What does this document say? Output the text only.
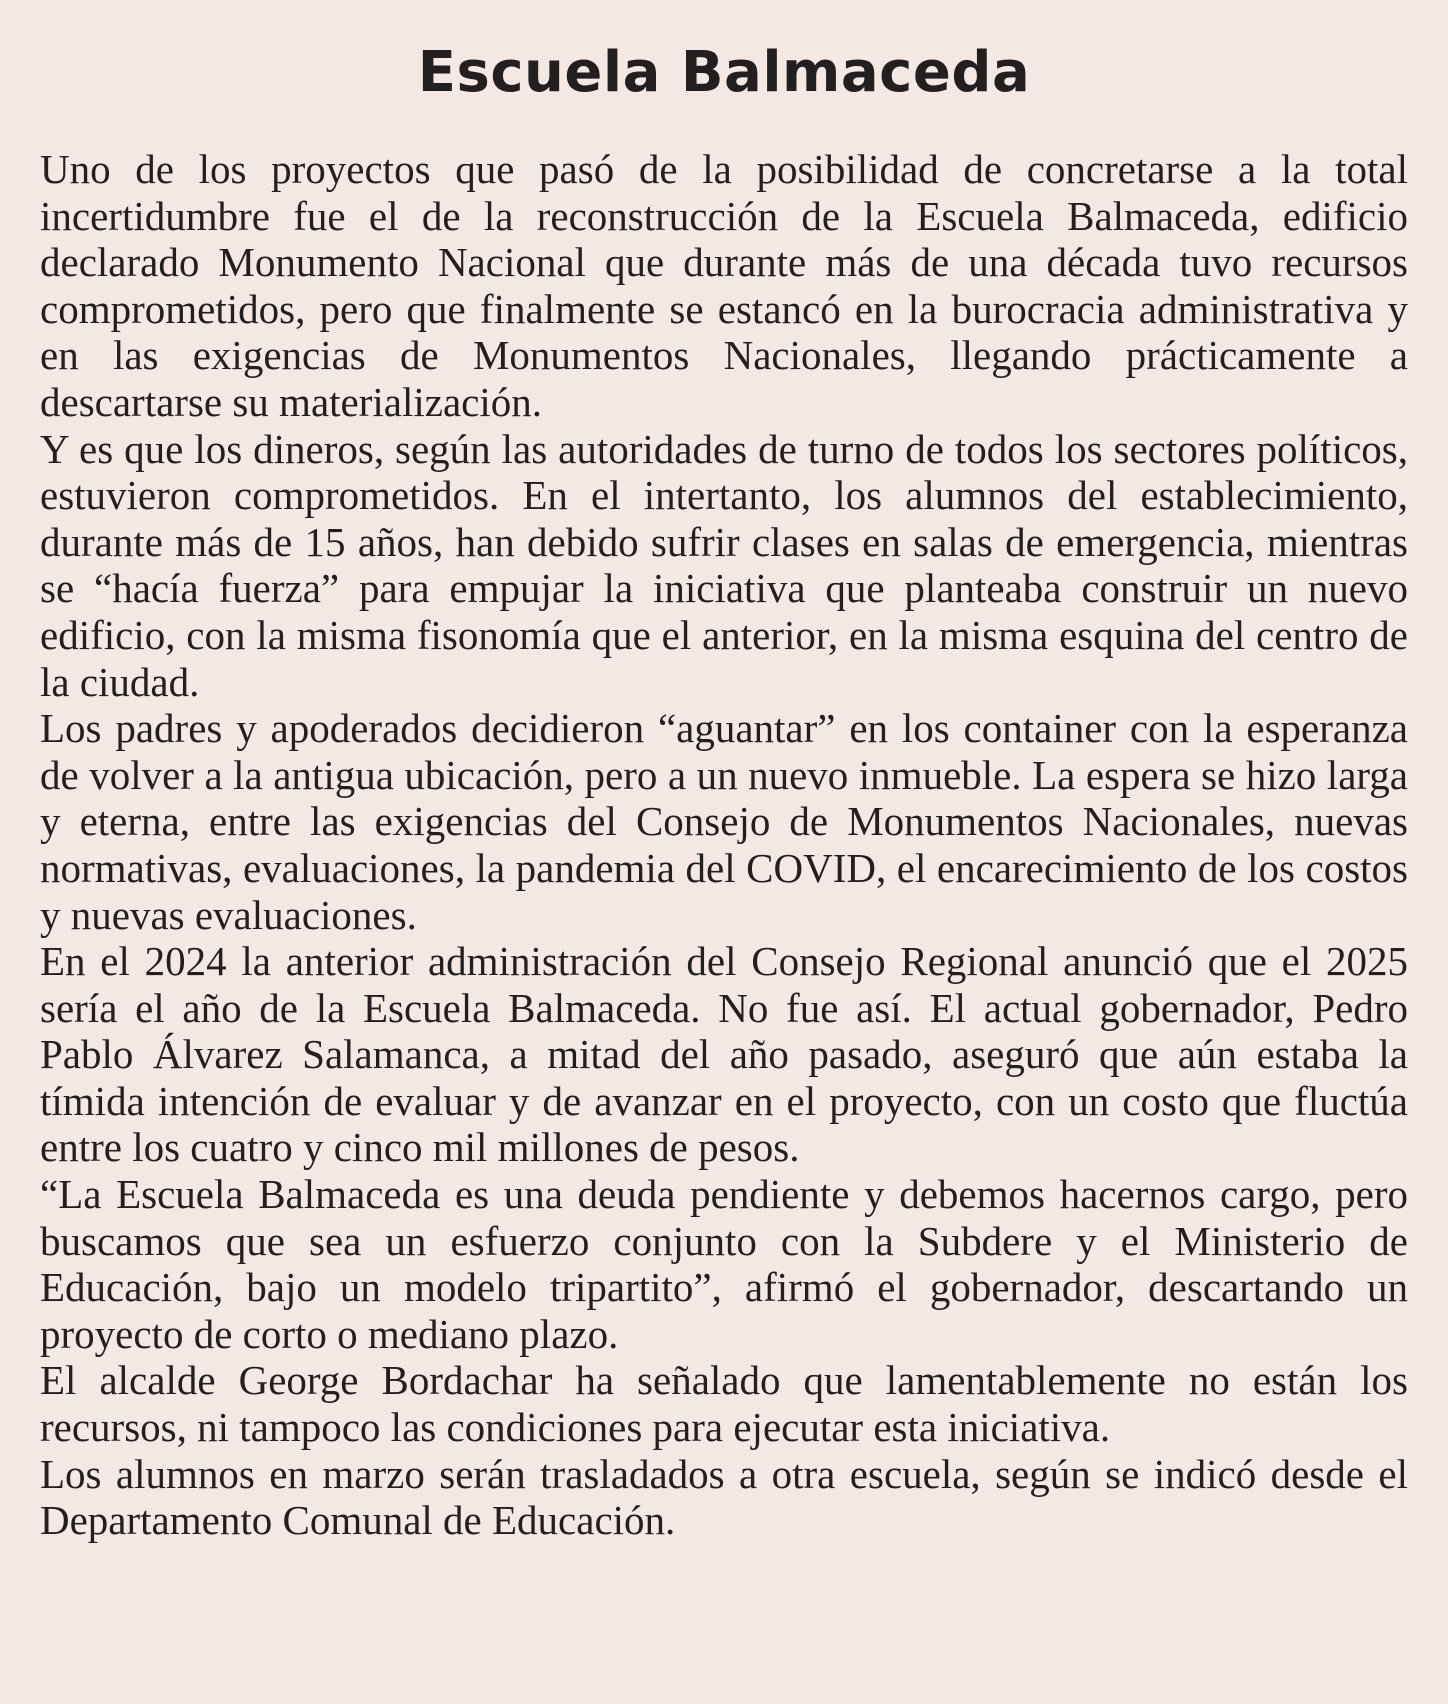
Escuela Balmaceda

Uno de los proyectos que pasó de la posibilidad de concretarse a la total incertidumbre fue el de la reconstrucción de la Escuela Balmaceda, edificio declarado Monumento Nacional que durante más de una década tuvo recursos comprometidos, pero que finalmente se estancó en la burocracia administrativa y en las exigencias de Monumentos Nacionales, llegando prácticamente a descartarse su materialización.

Y es que los dineros, según las autoridades de turno de todos los sectores políticos, estuvieron comprometidos. En el intertanto, los alumnos del establecimiento, durante más de 15 años, han debido sufrir clases en salas de emergencia, mientras se “hacía fuerza” para empujar la iniciativa que planteaba construir un nuevo edificio, con la misma fisonomía que el anterior, en la misma esquina del centro de la ciudad.

Los padres y apoderados decidieron “aguantar” en los container con la esperanza de volver a la antigua ubicación, pero a un nuevo inmueble. La espera se hizo larga y eterna, entre las exigencias del Consejo de Monumentos Nacionales, nuevas normativas, evaluaciones, la pandemia del COVID, el encarecimiento de los costos y nuevas evaluaciones.

En el 2024 la anterior administración del Consejo Regional anunció que el 2025 sería el año de la Escuela Balmaceda. No fue así. El actual gobernador, Pedro Pablo Álvarez Salamanca, a mitad del año pasado, aseguró que aún estaba la tímida intención de evaluar y de avanzar en el proyecto, con un costo que fluctúa entre los cuatro y cinco mil millones de pesos.

“La Escuela Balmaceda es una deuda pendiente y debemos hacernos cargo, pero buscamos que sea un esfuerzo conjunto con la Subdere y el Ministerio de Educación, bajo un modelo tripartito”, afirmó el gobernador, descartando un proyecto de corto o mediano plazo.

El alcalde George Bordachar ha señalado que lamentablemente no están los recursos, ni tampoco las condiciones para ejecutar esta iniciativa.

Los alumnos en marzo serán trasladados a otra escuela, según se indicó desde el Departamento Comunal de Educación.
